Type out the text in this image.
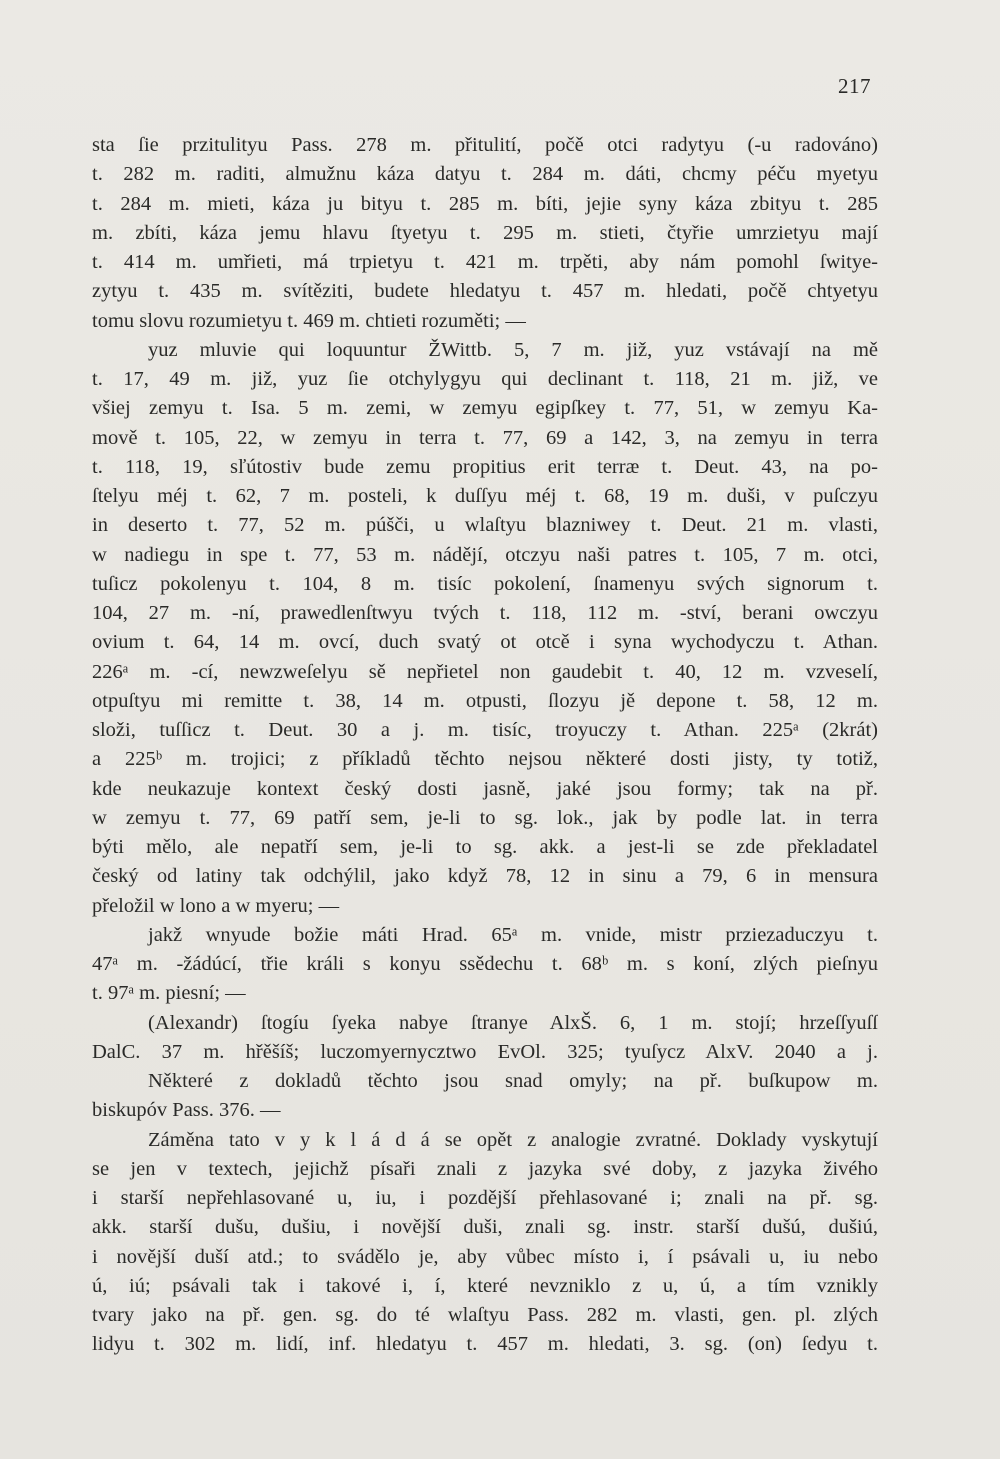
217
sta ſie przitulityu Pass. 278 m. přitulití, počě otci radytyu (-u radováno)
t. 282 m. raditi, almužnu káza datyu t. 284 m. dáti, chcmy péču myetyu
t. 284 m. mieti, káza ju bityu t. 285 m. bíti, jejie syny káza zbityu t. 285
m. zbíti, káza jemu hlavu ſtyetyu t. 295 m. stieti, čtyřie umrzietyu mají
t. 414 m. umřieti, má trpietyu t. 421 m. trpěti, aby nám pomohl ſwitye-
zytyu t. 435 m. svítěziti, budete hledatyu t. 457 m. hledati, počě chtyetyu
tomu slovu rozumietyu t. 469 m. chtieti rozuměti; —
yuz mluvie qui loquuntur ŽWittb. 5, 7 m. již, yuz vstávají na mě
t. 17, 49 m. již, yuz ſie otchylygyu qui declinant t. 118, 21 m. již, ve
všiej zemyu t. Isa. 5 m. zemi, w zemyu egipſkey t. 77, 51, w zemyu Ka-
mově t. 105, 22, w zemyu in terra t. 77, 69 a 142, 3, na zemyu in terra
t. 118, 19, sľútostiv bude zemu propitius erit terræ t. Deut. 43, na po-
ſtelyu méj t. 62, 7 m. posteli, k duſſyu méj t. 68, 19 m. duši, v puſczyu
in deserto t. 77, 52 m. púšči, u wlaſtyu blazniwey t. Deut. 21 m. vlasti,
w nadiegu in spe t. 77, 53 m. nádějí, otczyu naši patres t. 105, 7 m. otci,
tuſicz pokolenyu t. 104, 8 m. tisíc pokolení, ſnamenyu svých signorum t.
104, 27 m. -ní, prawedlenſtwyu tvých t. 118, 112 m. -ství, berani owczyu
ovium t. 64, 14 m. ovcí, duch svatý ot otcě i syna wychodyczu t. Athan.
226ᵃ m. -cí, newzweſelyu sě nepřietel non gaudebit t. 40, 12 m. vzveselí,
otpuſtyu mi remitte t. 38, 14 m. otpusti, ſlozyu jě depone t. 58, 12 m.
složi, tuſſicz t. Deut. 30 a j. m. tisíc, troyuczy t. Athan. 225ᵃ (2krát)
a 225ᵇ m. trojici; z příkladů těchto nejsou některé dosti jisty, ty totiž,
kde neukazuje kontext český dosti jasně, jaké jsou formy; tak na př.
w zemyu t. 77, 69 patří sem, je-li to sg. lok., jak by podle lat. in terra
býti mělo, ale nepatří sem, je-li to sg. akk. a jest-li se zde překladatel
český od latiny tak odchýlil, jako když 78, 12 in sinu a 79, 6 in mensura
přeložil w lono a w myeru; —
jakž wnyude božie máti Hrad. 65ᵃ m. vnide, mistr prziezaduczyu t.
47ᵃ m. -žádúcí, třie králi s konyu ssědechu t. 68ᵇ m. s koní, zlých pieſnyu
t. 97ᵃ m. piesní; —
(Alexandr) ſtogíu ſyeka nabye ſtranye AlxŠ. 6, 1 m. stojí; hrzeſſyuſſ
DalC. 37 m. hřěšíš; luczomyernycztwo EvOl. 325; tyuſycz AlxV. 2040 a j.
Některé z dokladů těchto jsou snad omyly; na př. buſkupow m.
biskupóv Pass. 376. —
Záměna tato v y k l á d á se opět z analogie zvratné. Doklady vyskytují
se jen v textech, jejichž písaři znali z jazyka své doby, z jazyka živého
i starší nepřehlasované u, iu, i pozdější přehlasované i; znali na př. sg.
akk. starší dušu, dušiu, i novější duši, znali sg. instr. starší dušú, dušiú,
i novější duší atd.; to svádělo je, aby vůbec místo i, í psávali u, iu nebo
ú, iú; psávali tak i takové i, í, které nevzniklo z u, ú, a tím vznikly
tvary jako na př. gen. sg. do té wlaſtyu Pass. 282 m. vlasti, gen. pl. zlých
lidyu t. 302 m. lidí, inf. hledatyu t. 457 m. hledati, 3. sg. (on) ſedyu t.
